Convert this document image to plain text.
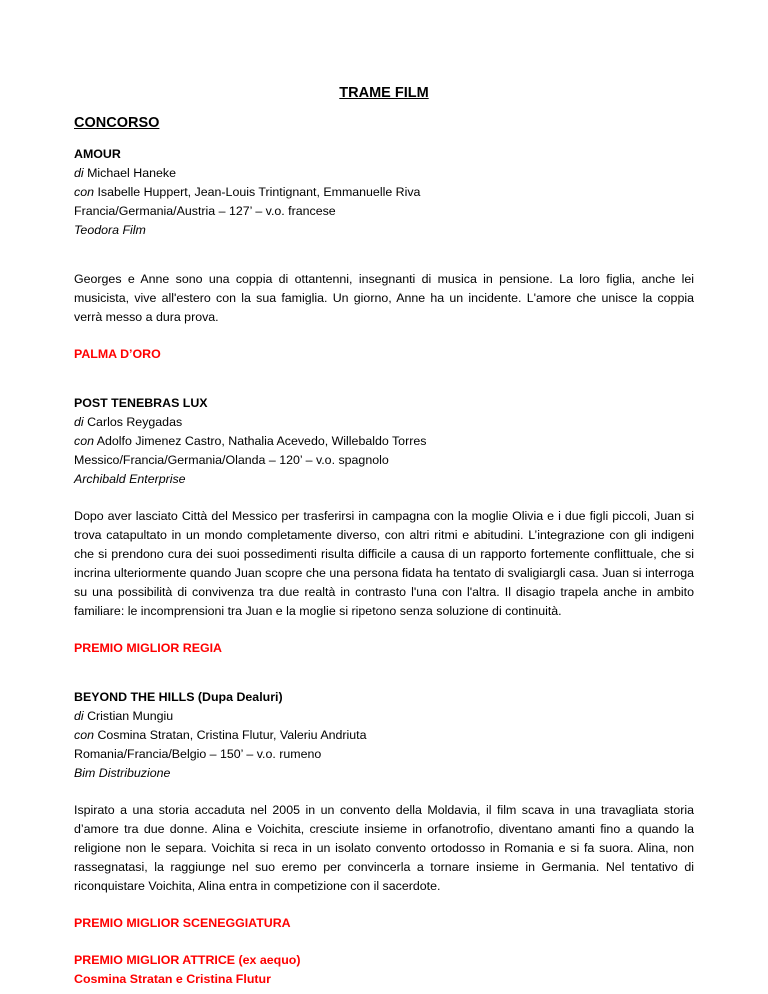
TRAME FILM
CONCORSO
AMOUR
di Michael Haneke
con Isabelle Huppert, Jean-Louis Trintignant, Emmanuelle Riva
Francia/Germania/Austria – 127’ – v.o. francese
Teodora Film

Georges e Anne sono una coppia di ottantenni, insegnanti di musica in pensione. La loro figlia, anche lei musicista, vive all'estero con la sua famiglia. Un giorno, Anne ha un incidente. L'amore che unisce la coppia verrà messo a dura prova.

PALMA D’ORO
POST TENEBRAS LUX
di Carlos Reygadas
con Adolfo Jimenez Castro, Nathalia Acevedo, Willebaldo Torres
Messico/Francia/Germania/Olanda – 120’ – v.o. spagnolo
Archibald Enterprise

Dopo aver lasciato Città del Messico per trasferirsi in campagna con la moglie Olivia e i due figli piccoli, Juan si trova catapultato in un mondo completamente diverso, con altri ritmi e abitudini. L’integrazione con gli indigeni che si prendono cura dei suoi possedimenti risulta difficile a causa di un rapporto fortemente conflittuale, che si incrina ulteriormente quando Juan scopre che una persona fidata ha tentato di svaligiargli casa. Juan si interroga su una possibilità di convivenza tra due realtà in contrasto l'una con l'altra. Il disagio trapela anche in ambito familiare: le incomprensioni tra Juan e la moglie si ripetono senza soluzione di continuità.

PREMIO MIGLIOR REGIA
BEYOND THE HILLS (Dupa Dealuri)
di Cristian Mungiu
con Cosmina Stratan, Cristina Flutur, Valeriu Andriuta
Romania/Francia/Belgio – 150’ – v.o. rumeno
Bim Distribuzione

Ispirato a una storia accaduta nel 2005 in un convento della Moldavia, il film scava in una travagliata storia d’amore tra due donne. Alina e Voichita, cresciute insieme in orfanotrofio, diventano amanti fino a quando la religione non le separa. Voichita si reca in un isolato convento ortodosso in Romania e si fa suora. Alina, non rassegnatasi, la raggiunge nel suo eremo per convincerla a tornare insieme in Germania. Nel tentativo di riconquistare Voichita, Alina entra in competizione con il sacerdote.

PREMIO MIGLIOR SCENEGGIATURA
PREMIO MIGLIOR ATTRICE (ex aequo)
Cosmina Stratan e Cristina Flutur
